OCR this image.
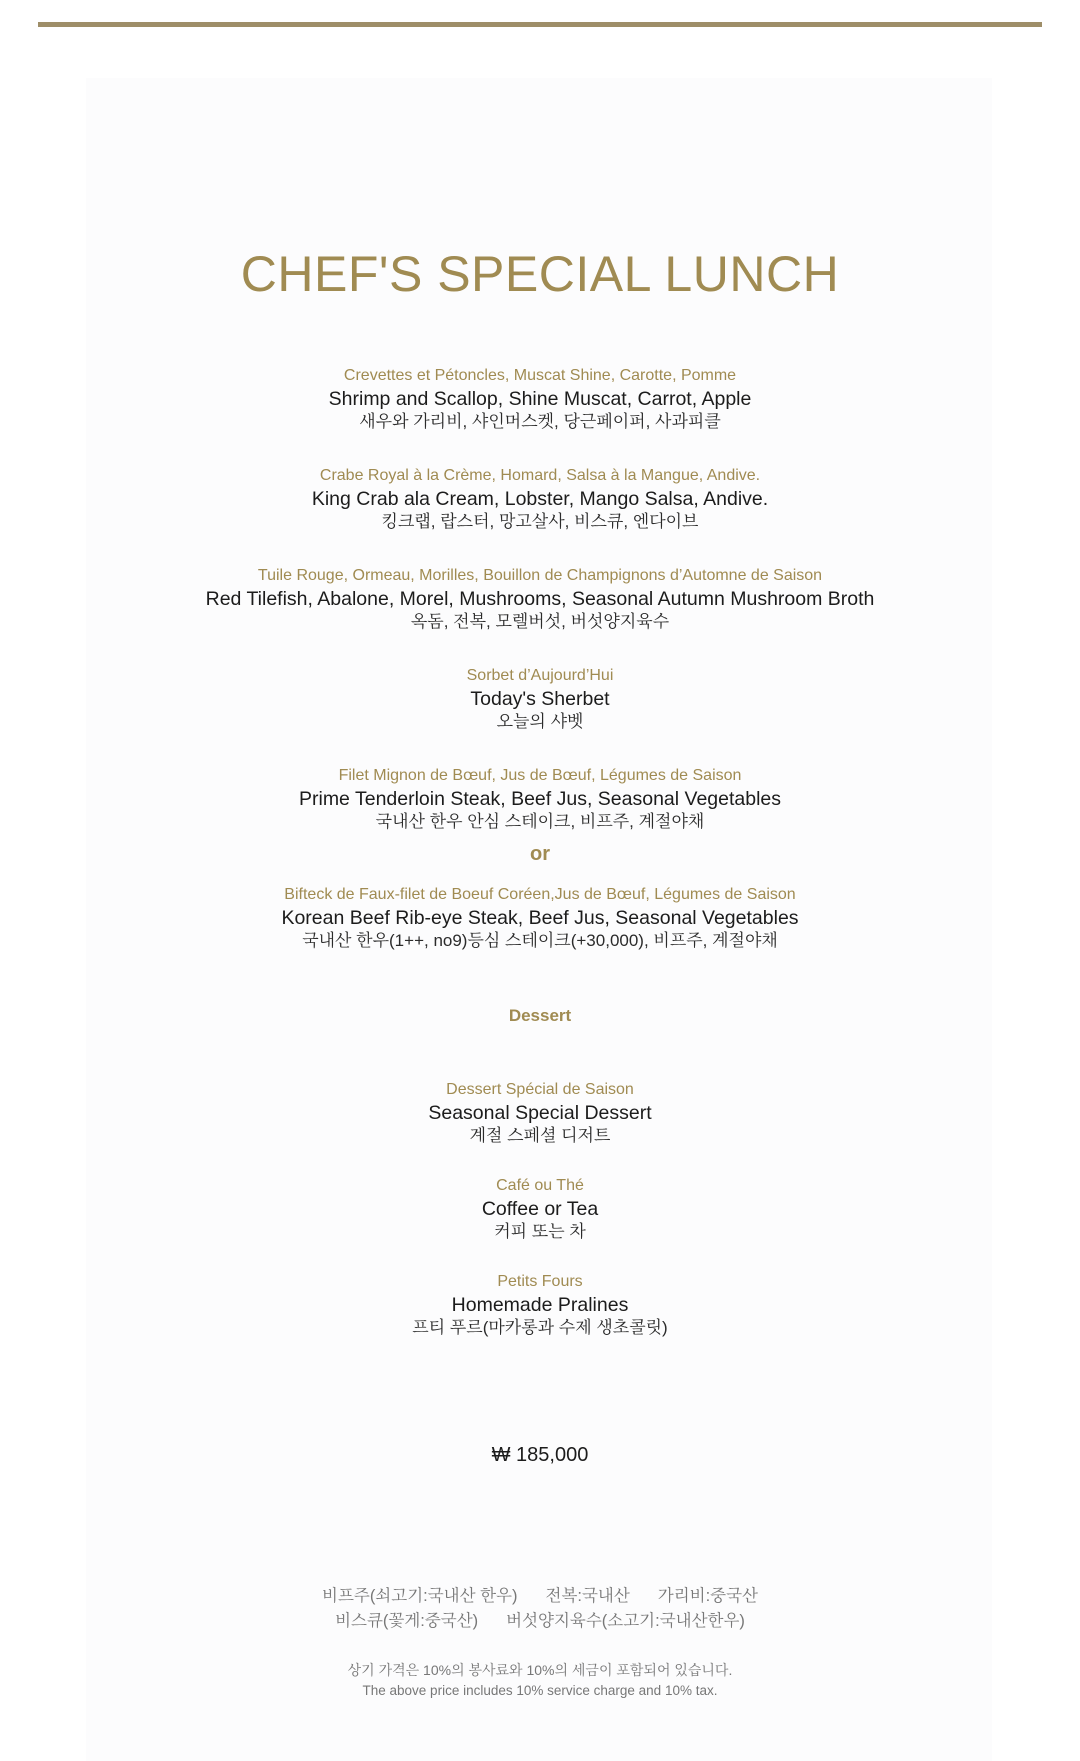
CHEF'S SPECIAL LUNCH
Crevettes et Pétoncles, Muscat Shine, Carotte, Pomme
Shrimp and Scallop, Shine Muscat, Carrot, Apple
새우와 가리비, 샤인머스켓, 당근페이퍼, 사과피클
Crabe Royal à la Crème, Homard, Salsa à la Mangue, Andive.
King Crab ala Cream, Lobster, Mango Salsa, Andive.
킹크랩, 랍스터, 망고살사, 비스큐, 엔다이브
Tuile Rouge, Ormeau, Morilles, Bouillon de Champignons d’Automne de Saison
Red Tilefish, Abalone, Morel, Mushrooms, Seasonal Autumn Mushroom Broth
옥돔, 전복, 모렐버섯, 버섯양지육수
Sorbet d’Aujourd’Hui
Today's Sherbet
오늘의 샤벳
Filet Mignon de Bœuf, Jus de Bœuf, Légumes de Saison
Prime Tenderloin Steak, Beef Jus, Seasonal Vegetables
국내산 한우 안심 스테이크, 비프주, 계절야채
or
Bifteck de Faux-filet de Boeuf Coréen,Jus de Bœuf, Légumes de Saison
Korean Beef Rib-eye Steak, Beef Jus, Seasonal Vegetables
국내산 한우(1++, no9)등심 스테이크(+30,000), 비프주, 계절야채
Dessert
Dessert Spécial de Saison
Seasonal Special Dessert
계절 스페셜 디저트
Café ou Thé
Coffee or Tea
커피 또는 차
Petits Fours
Homemade Pralines
프티 푸르(마카롱과 수제 생초콜릿)
₩ 185,000
비프주(쇠고기:국내산 한우) 전복:국내산 가리비:중국산
비스큐(꽃게:중국산) 버섯양지육수(소고기:국내산한우)
상기 가격은 10%의 봉사료와 10%의 세금이 포함되어 있습니다.
The above price includes 10% service charge and 10% tax.
